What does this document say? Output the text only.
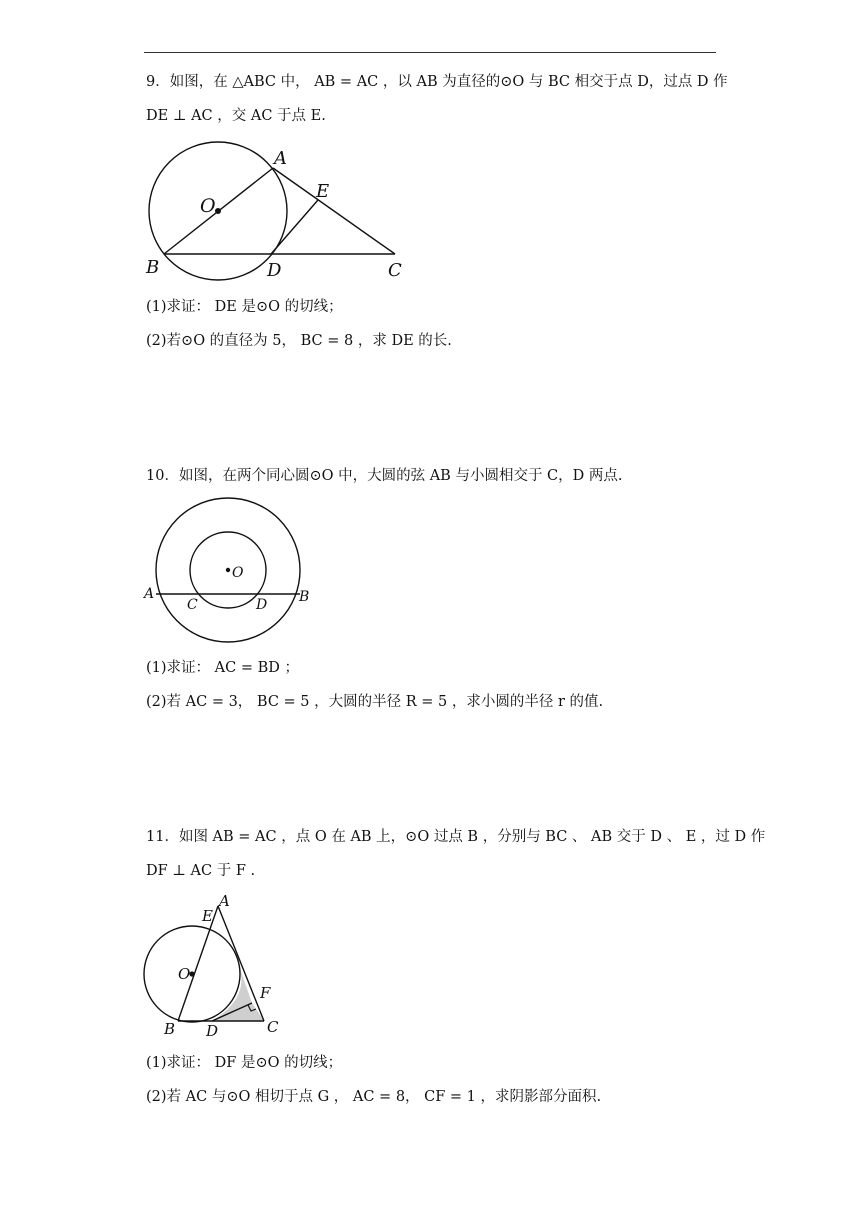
9．如图，在 △ABC 中， AB = AC ，以 AB 为直径的⊙O 与 BC 相交于点 D，过点 D 作
DE ⊥ AC ，交 AC 于点 E.
A
B	C
D
E
O
(1)求证： DE 是⊙O 的切线；
(2)若⊙O 的直径为 5， BC = 8 ，求 DE 的长.
10．如图，在两个同心圆⊙O 中，大圆的弦 AB 与小圆相交于 C，D 两点.
O
A	B
C	D
(1)求证： AC = BD ；
(2)若 AC = 3， BC = 5 ，大圆的半径 R = 5 ，求小圆的半径 r 的值.
11．如图 AB = AC ，点 O 在 AB 上，⊙O 过点 B ，分别与 BC 、 AB 交于 D 、 E ，过 D 作
DF ⊥ AC 于 F .
A
E
O
F
B D	C
(1)求证： DF 是⊙O 的切线；
(2)若 AC 与⊙O 相切于点 G ， AC = 8， CF = 1 ，求阴影部分面积.
